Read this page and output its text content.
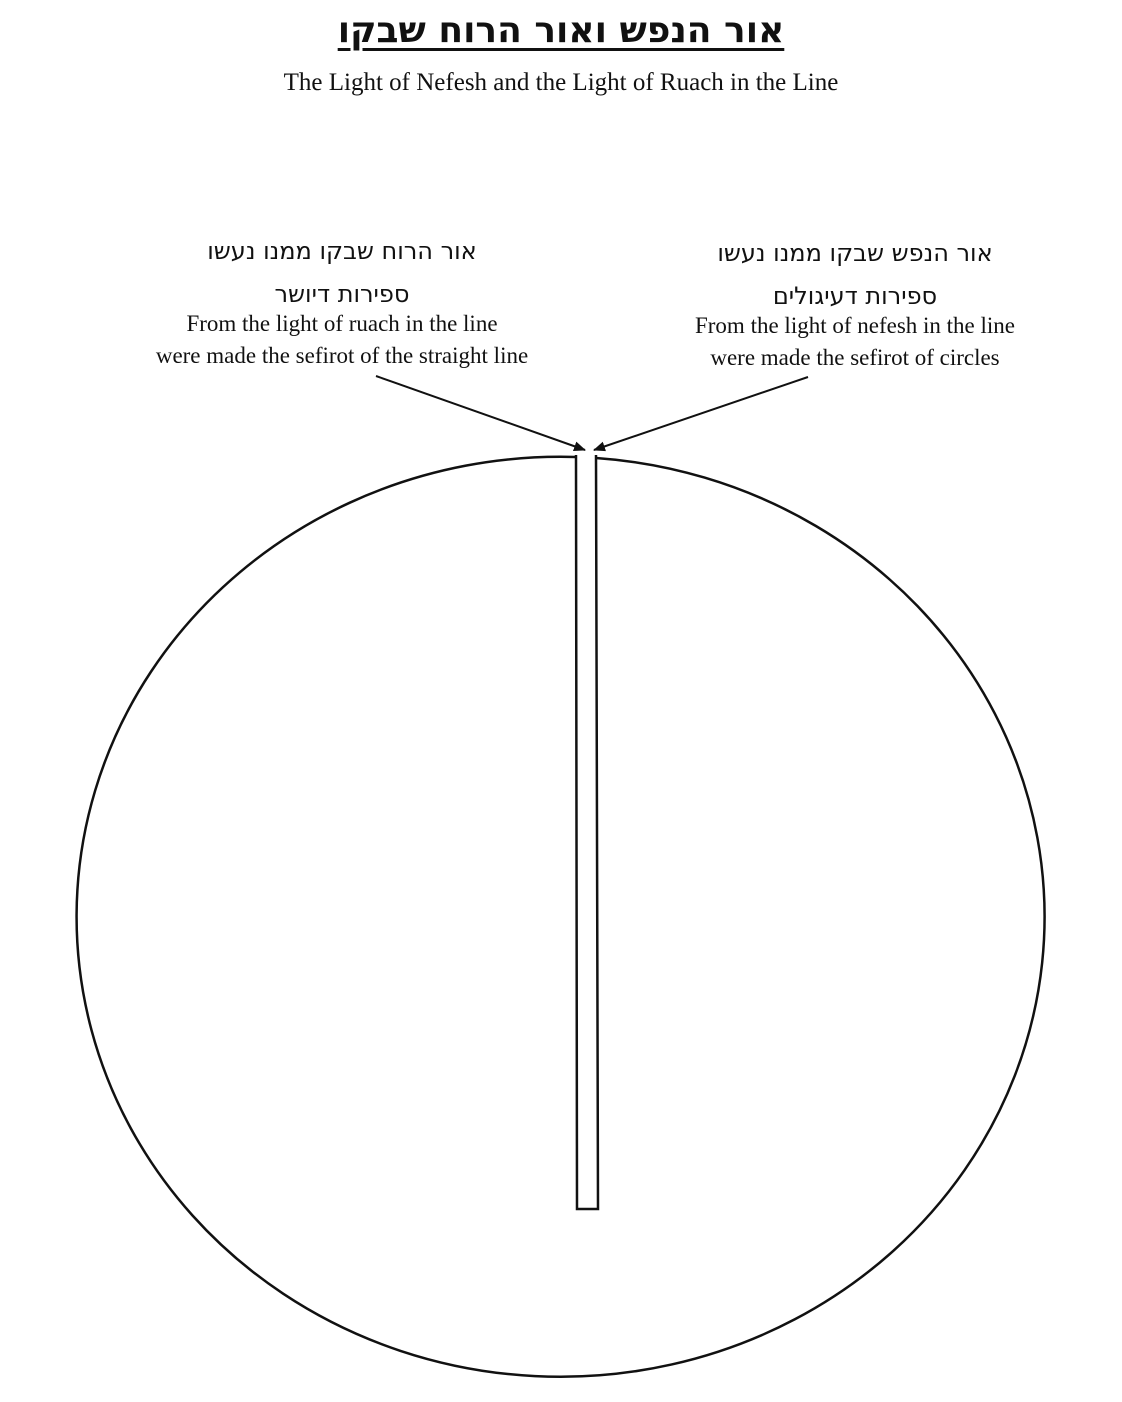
אור הנפש ואור הרוח שבקו
The Light of Nefesh and the Light of Ruach in the Line
אור הרוח שבקו ממנו נעשו
ספירות דיושר
From the light of ruach in the line
were made the sefirot of the straight line
אור הנפש שבקו ממנו נעשו
ספירות דעיגולים
From the light of nefesh in the line
were made the sefirot of circles
